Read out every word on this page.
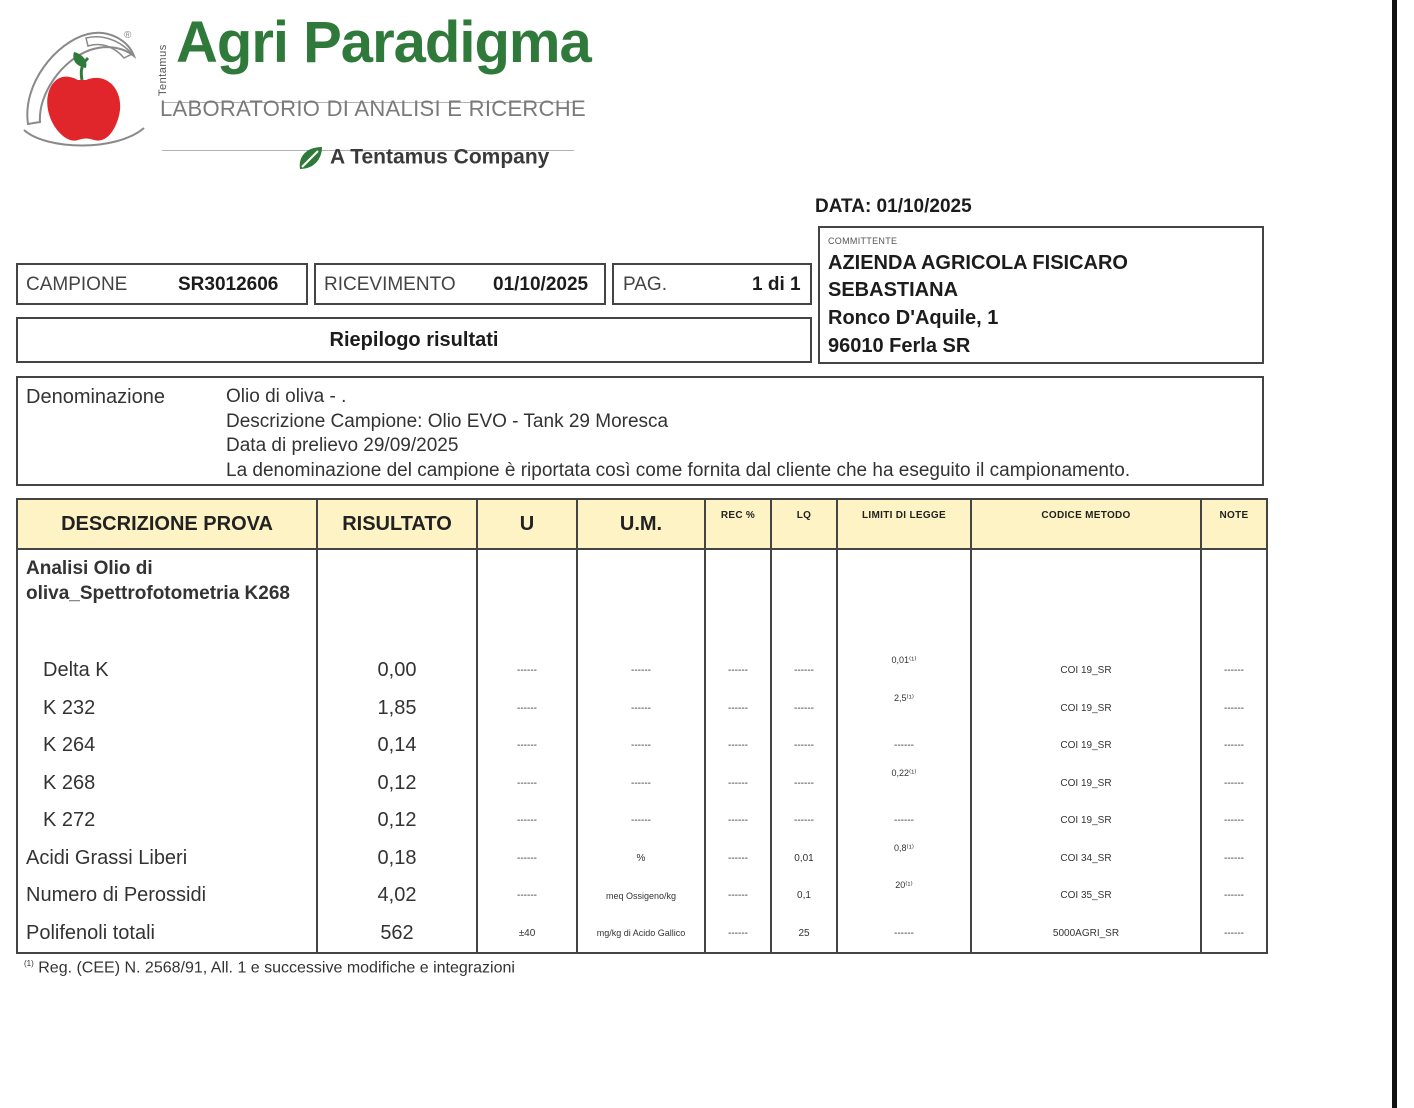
®
Tentamus Agri Paradigma
LABORATORIO DI ANALISI E RICERCHE
A Tentamus Company
DATA: 01/10/2025
CAMPIONE	SR3012606 RICEVIMENTO 01/10/2025 PAG.	1 di 1
Riepilogo risultati
COMMITTENTE
AZIENDA AGRICOLA FISICARO
SEBASTIANA
Ronco D'Aquile, 1
96010 Ferla SR
Denominazione	Olio di oliva - .
Descrizione Campione: Olio EVO - Tank 29 Moresca
Data di prelievo 29/09/2025
La denominazione del campione è riportata così come fornita dal cliente che ha eseguito il campionamento.
DESCRIZIONE PROVA	RISULTATO	U	U.M.	REC %	LQ	LIMITI DI LEGGE	CODICE METODO	NOTE
Analisi Olio di oliva_Spettrofotometria K268								
Delta K	0,00	------	------	------	------	0,01⁽¹⁾	COI 19_SR	------
K 232	1,85	------	------	------	------	2,5⁽¹⁾	COI 19_SR	------
K 264	0,14	------	------	------	------	------	COI 19_SR	------
K 268	0,12	------	------	------	------	0,22⁽¹⁾	COI 19_SR	------
K 272	0,12	------	------	------	------	------	COI 19_SR	------
Acidi Grassi Liberi	0,18	------	%	------	0,01	0,8⁽¹⁾	COI 34_SR	------
Numero di Perossidi	4,02	------	meq Ossigeno/kg	------	0,1	20⁽¹⁾	COI 35_SR	------
Polifenoli totali	562	±40	mg/kg di Acido Gallico	------	25	------	5000AGRI_SR	------
$^{(1)}$ Reg. (CEE) N. 2568/91, All. 1 e successive modifiche e integrazioni
